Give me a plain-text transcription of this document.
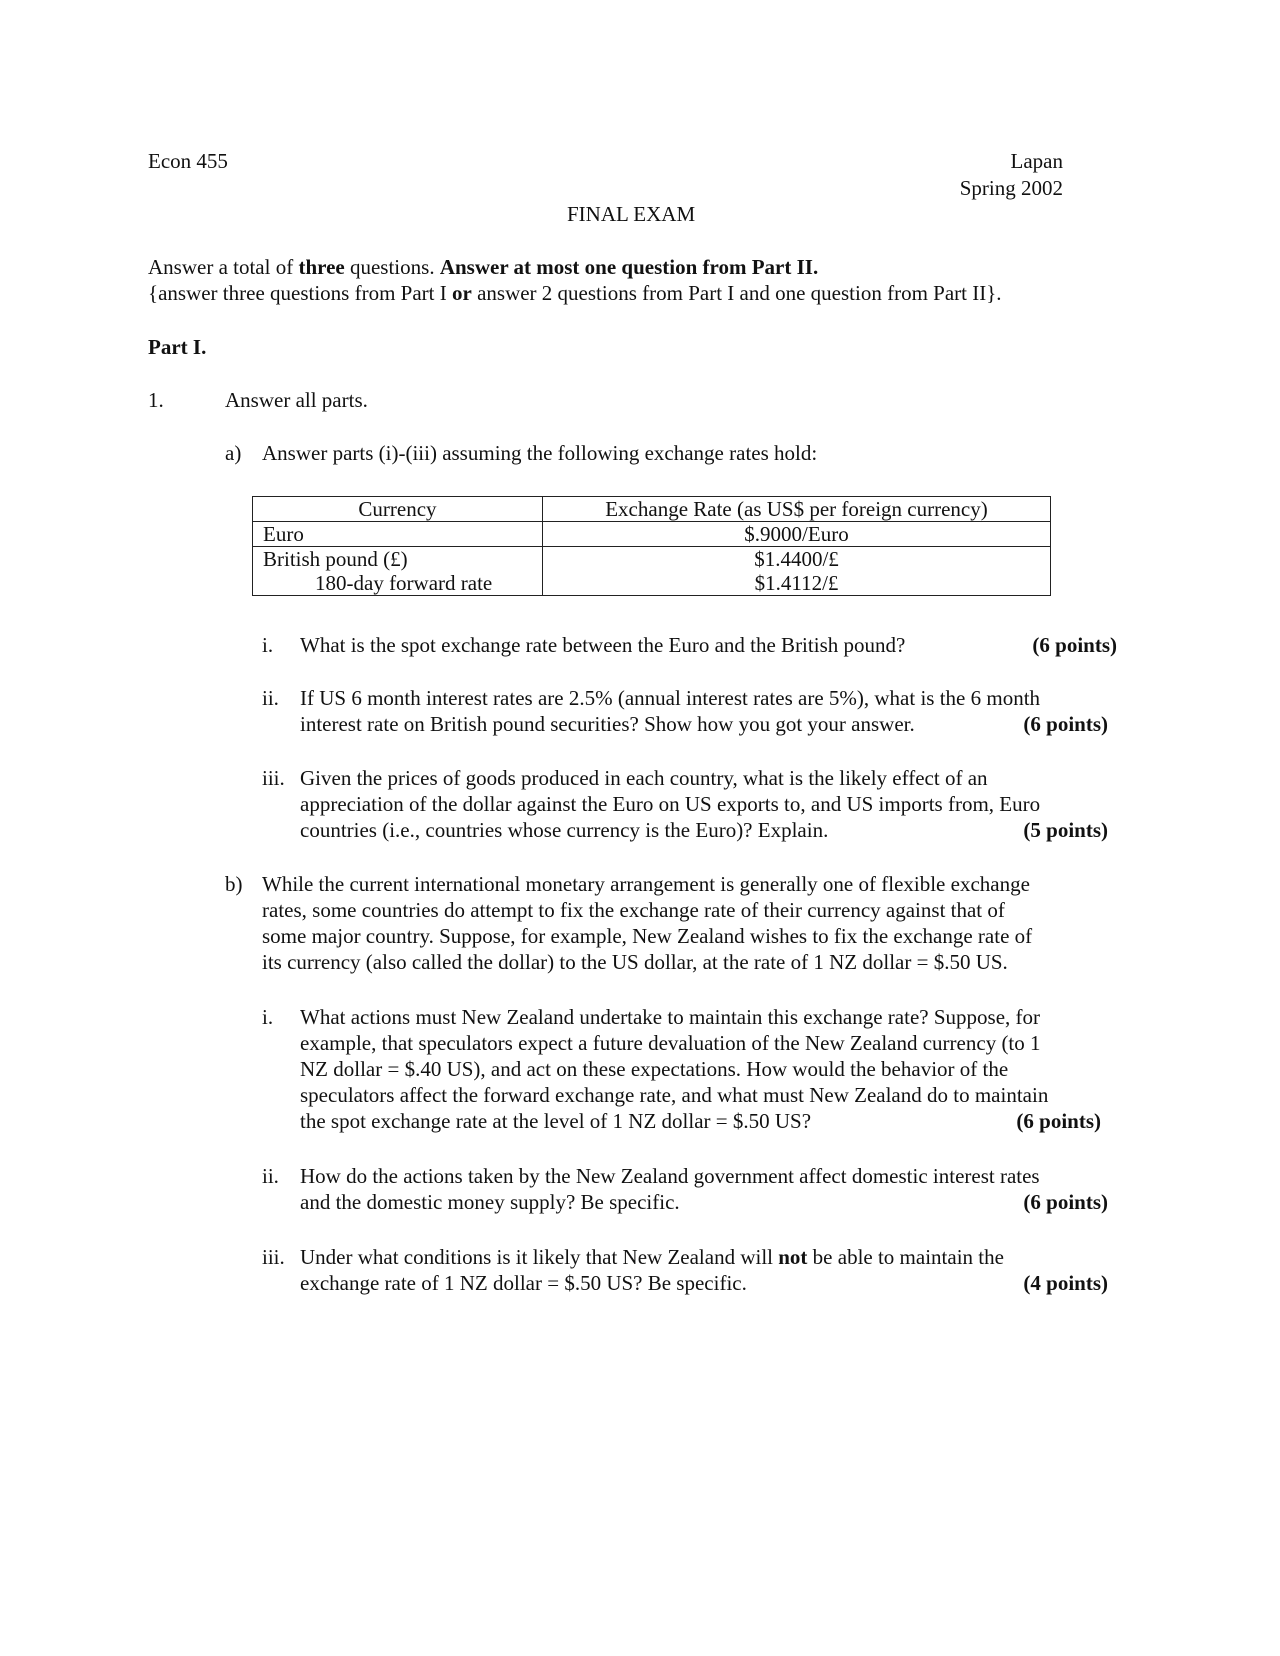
Econ 455	Lapan
Spring 2002
FINAL EXAM
Answer a total of three questions. Answer at most one question from Part II.
{answer three questions from Part I or answer 2 questions from Part I and one question from Part II}.
Part I.
1.	Answer all parts.
a) Answer parts (i)-(iii) assuming the following exchange rates hold:
Currency	Exchange Rate (as US$ per foreign currency)
Euro	$.9000/Euro
British pound (£)	$1.4400/£
180-day forward rate	$1.4112/£
i. What is the spot exchange rate between the Euro and the British pound?	(6 points)
ii. If US 6 month interest rates are 2.5% (annual interest rates are 5%), what is the 6 month
interest rate on British pound securities? Show how you got your answer.	(6 points)
iii. Given the prices of goods produced in each country, what is the likely effect of an
appreciation of the dollar against the Euro on US exports to, and US imports from, Euro
countries (i.e., countries whose currency is the Euro)? Explain.	(5 points)
b) While the current international monetary arrangement is generally one of flexible exchange
rates, some countries do attempt to fix the exchange rate of their currency against that of
some major country. Suppose, for example, New Zealand wishes to fix the exchange rate of
its currency (also called the dollar) to the US dollar, at the rate of 1 NZ dollar = $.50 US.
i. What actions must New Zealand undertake to maintain this exchange rate? Suppose, for
example, that speculators expect a future devaluation of the New Zealand currency (to 1
NZ dollar = $.40 US), and act on these expectations. How would the behavior of the
speculators affect the forward exchange rate, and what must New Zealand do to maintain
the spot exchange rate at the level of 1 NZ dollar = $.50 US?	(6 points)
ii. How do the actions taken by the New Zealand government affect domestic interest rates
and the domestic money supply? Be specific.	(6 points)
iii. Under what conditions is it likely that New Zealand will not be able to maintain the
exchange rate of 1 NZ dollar = $.50 US? Be specific.	(4 points)
